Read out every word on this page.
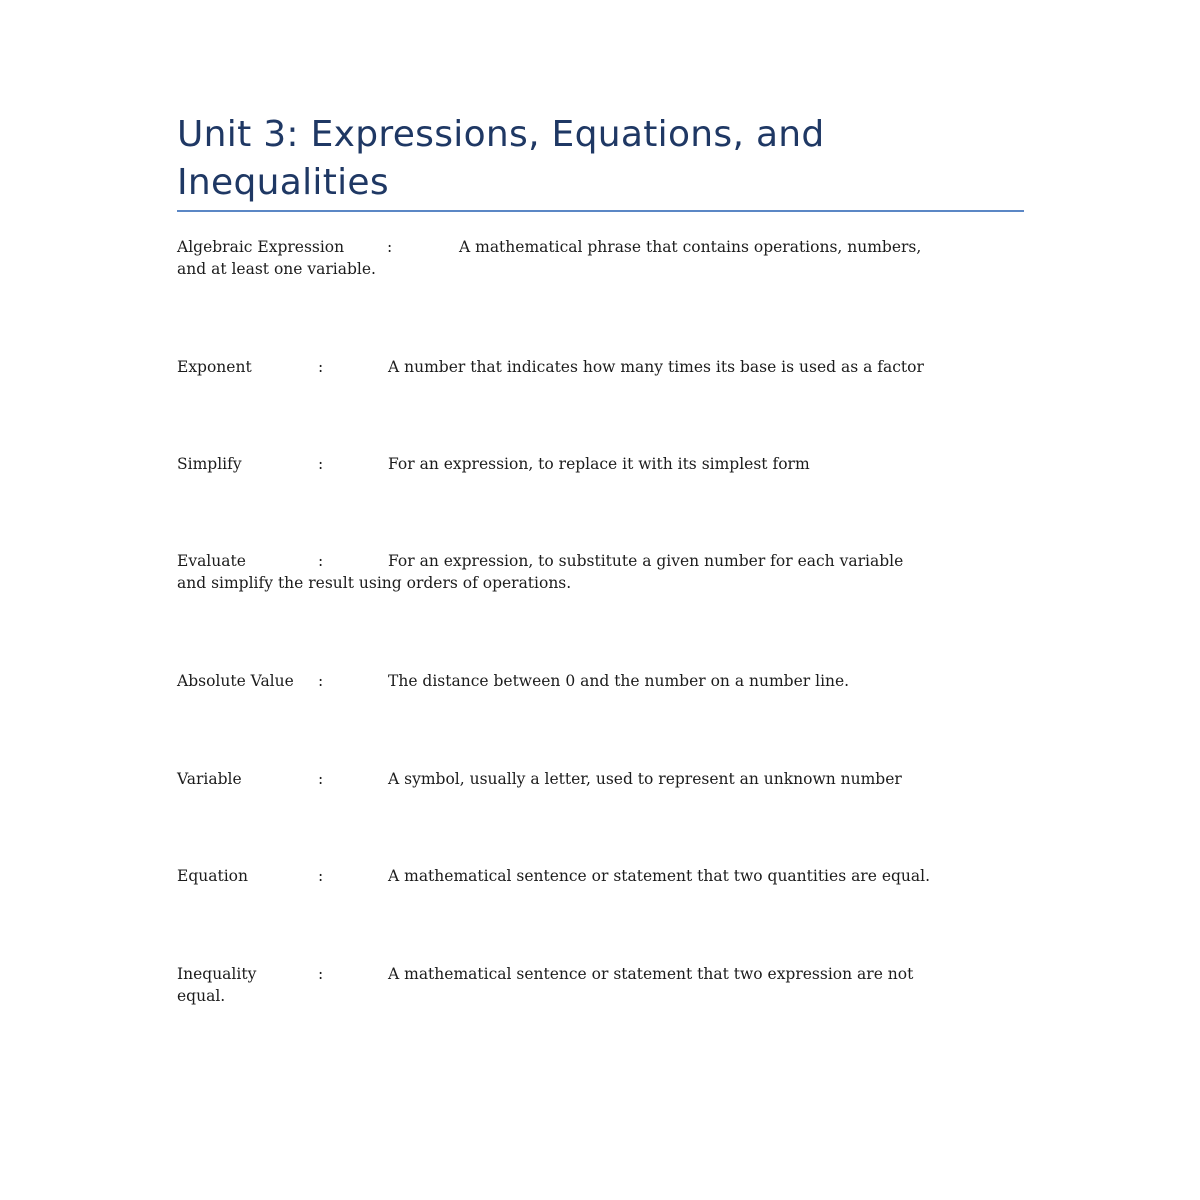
Unit 3: Expressions, Equations, and Inequalities
Algebraic Expression	:	A mathematical phrase that contains operations, numbers,
and at least one variable.
Exponent	:	A number that indicates how many times its base is used as a factor
Simplify	:	For an expression, to replace it with its simplest form
Evaluate	:	For an expression, to substitute a given number for each variable
and simplify the result using orders of operations.
Absolute Value :	The distance between 0 and the number on a number line.
Variable	:	A symbol, usually a letter, used to represent an unknown number
Equation	:	A mathematical sentence or statement that two quantities are equal.
Inequality	:	A mathematical sentence or statement that two expression are not
equal.
